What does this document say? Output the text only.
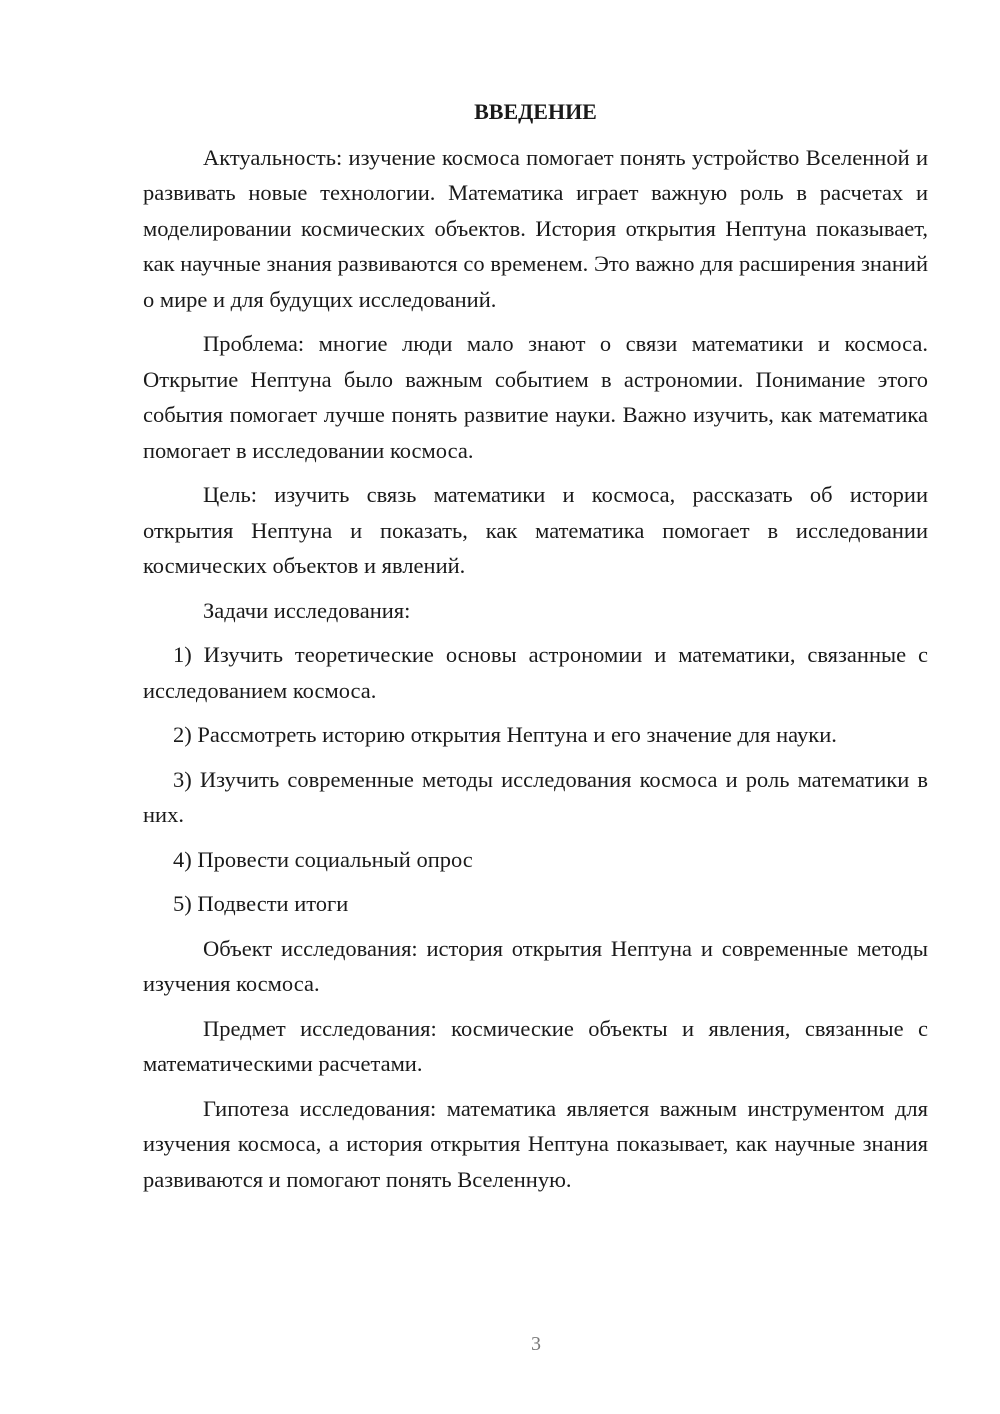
ВВЕДЕНИЕ

Актуальность: изучение космоса помогает понять устройство Вселенной и развивать новые технологии. Математика играет важную роль в расчетах и моделировании космических объектов. История открытия Нептуна показывает, как научные знания развиваются со временем. Это важно для расширения знаний о мире и для будущих исследований.

Проблема: многие люди мало знают о связи математики и космоса. Открытие Нептуна было важным событием в астрономии. Понимание этого события помогает лучше понять развитие науки. Важно изучить, как математика помогает в исследовании космоса.

Цель: изучить связь математики и космоса, рассказать об истории открытия Нептуна и показать, как математика помогает в исследовании космических объектов и явлений.

Задачи исследования:

1) Изучить теоретические основы астрономии и математики, связанные с исследованием космоса.

2) Рассмотреть историю открытия Нептуна и его значение для науки.

3) Изучить современные методы исследования космоса и роль математики в них.

4) Провести социальный опрос

5) Подвести итоги

Объект исследования: история открытия Нептуна и современные методы изучения космоса.

Предмет исследования: космические объекты и явления, связанные с математическими расчетами.

Гипотеза исследования: математика является важным инструментом для изучения космоса, а история открытия Нептуна показывает, как научные знания развиваются и помогают понять Вселенную.

3
